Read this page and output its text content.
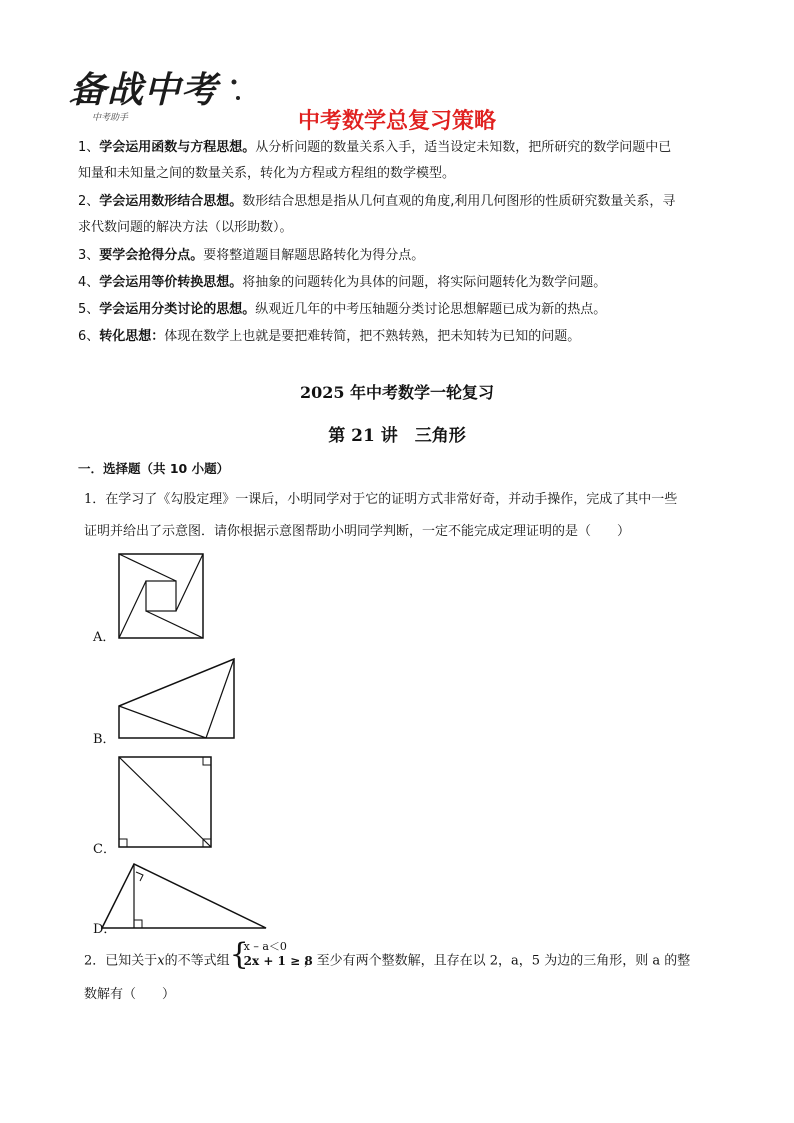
备战中考
中考助手	中考数学总复习策略
1、学会运用函数与方程思想。从分析问题的数量关系入手，适当设定未知数，把所研究的数学问题中已
知量和未知量之间的数量关系，转化为方程或方程组的数学模型。
2、学会运用数形结合思想。数形结合思想是指从几何直观的角度,利用几何图形的性质研究数量关系，寻
求代数问题的解决方法（以形助数）。
3、要学会抢得分点。要将整道题目解题思路转化为得分点。
4、学会运用等价转换思想。将抽象的问题转化为具体的问题，将实际问题转化为数学问题。
5、学会运用分类讨论的思想。纵观近几年的中考压轴题分类讨论思想解题已成为新的热点。
6、转化思想：体现在数学上也就是要把难转简，把不熟转熟，把未知转为已知的问题。
2025 年中考数学一轮复习
第 21 讲　三角形
一．选择题（共 10 小题）
1．在学习了《勾股定理》一课后，小明同学对于它的证明方式非常好奇，并动手操作，完成了其中一些
证明并给出了示意图．请你根据示意图帮助小明同学判断，一定不能完成定理证明的是（　　）
A．
B．
C．
D．
2．已知关于x的不等式组 {
x – a＜0
2x + 1 ≥ 8
，至少有两个整数解，且存在以 2，a，5 为边的三角形，则 a 的整
数解有（　　）
